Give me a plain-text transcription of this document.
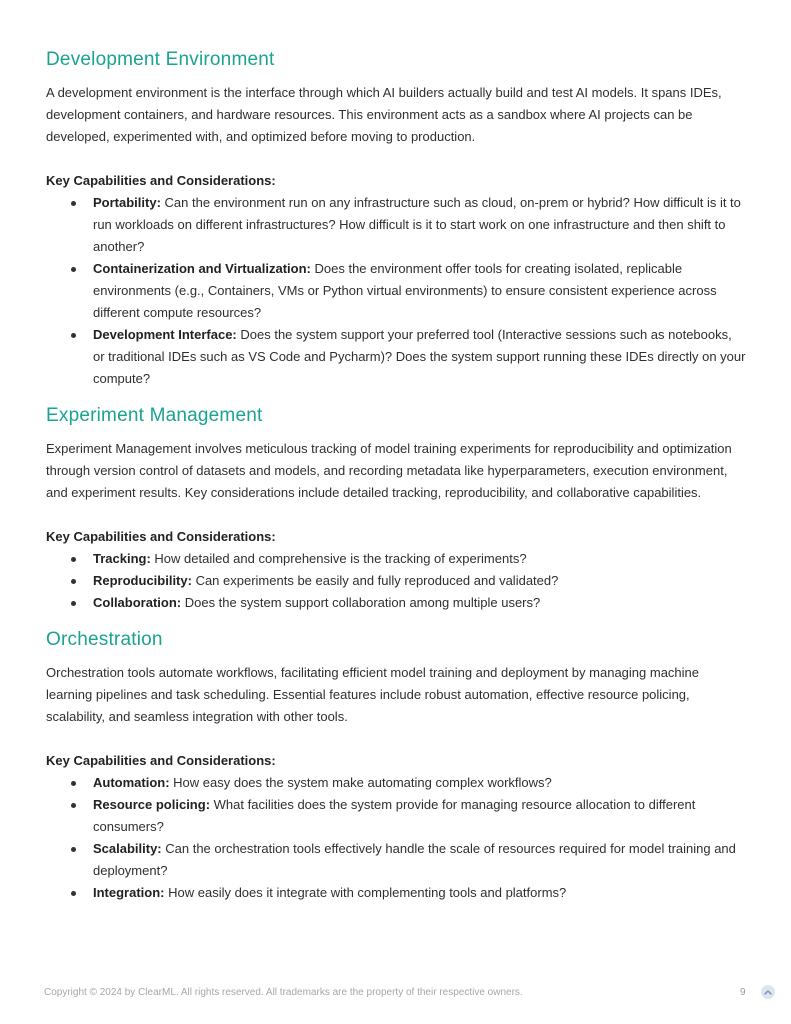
Development Environment

A development environment is the interface through which AI builders actually build and test AI models. It spans IDEs, development containers, and hardware resources. This environment acts as a sandbox where AI projects can be developed, experimented with, and optimized before moving to production.

Key Capabilities and Considerations:

Portability: Can the environment run on any infrastructure such as cloud, on-prem or hybrid? How difficult is it to run workloads on different infrastructures? How difficult is it to start work on one infrastructure and then shift to another?
Containerization and Virtualization: Does the environment offer tools for creating isolated, replicable environments (e.g., Containers, VMs or Python virtual environments) to ensure consistent experience across different compute resources?
Development Interface: Does the system support your preferred tool (Interactive sessions such as notebooks, or traditional IDEs such as VS Code and Pycharm)? Does the system support running these IDEs directly on your compute?
Experiment Management

Experiment Management involves meticulous tracking of model training experiments for reproducibility and optimization through version control of datasets and models, and recording metadata like hyperparameters, execution environment, and experiment results. Key considerations include detailed tracking, reproducibility, and collaborative capabilities.

Key Capabilities and Considerations:

Tracking: How detailed and comprehensive is the tracking of experiments?
Reproducibility: Can experiments be easily and fully reproduced and validated?
Collaboration: Does the system support collaboration among multiple users?
Orchestration

Orchestration tools automate workflows, facilitating efficient model training and deployment by managing machine learning pipelines and task scheduling. Essential features include robust automation, effective resource policing, scalability, and seamless integration with other tools.

Key Capabilities and Considerations:

Automation: How easy does the system make automating complex workflows?
Resource policing: What facilities does the system provide for managing resource allocation to different consumers?
Scalability: Can the orchestration tools effectively handle the scale of resources required for model training and deployment?
Integration: How easily does it integrate with complementing tools and platforms?
Copyright © 2024 by ClearML. All rights reserved. All trademarks are the property of their respective owners.	9
